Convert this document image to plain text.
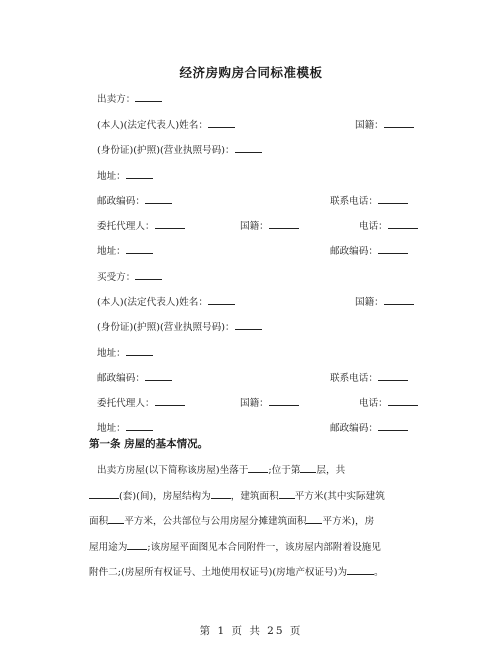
经济房购房合同标准模板
出卖方：
(本人)(法定代表人)姓名：	国籍：
(身份证)(护照)(营业执照号码)：
地址：
邮政编码：	联系电话：
委托代理人：	国籍：	电话：
地址：	邮政编码：
买受方：
(本人)(法定代表人)姓名：	国籍：
(身份证)(护照)(营业执照号码)：
地址：
邮政编码：	联系电话：
委托代理人：	国籍：	电话：
地址：	邮政编码：
第一条 房屋的基本情况。
出卖方房屋(以下简称该房屋)坐落于 ;位于第 层，共
(套)(间)，房屋结构为 ，建筑面积 平方米(其中实际建筑
面积 平方米，公共部位与公用房屋分摊建筑面积 平方米)，房
屋用途为 ;该房屋平面图见本合同附件一，该房屋内部附着设施见
附件二;(房屋所有权证号、土地使用权证号)(房地产权证号)为	。
第 1 页 共 25 页
